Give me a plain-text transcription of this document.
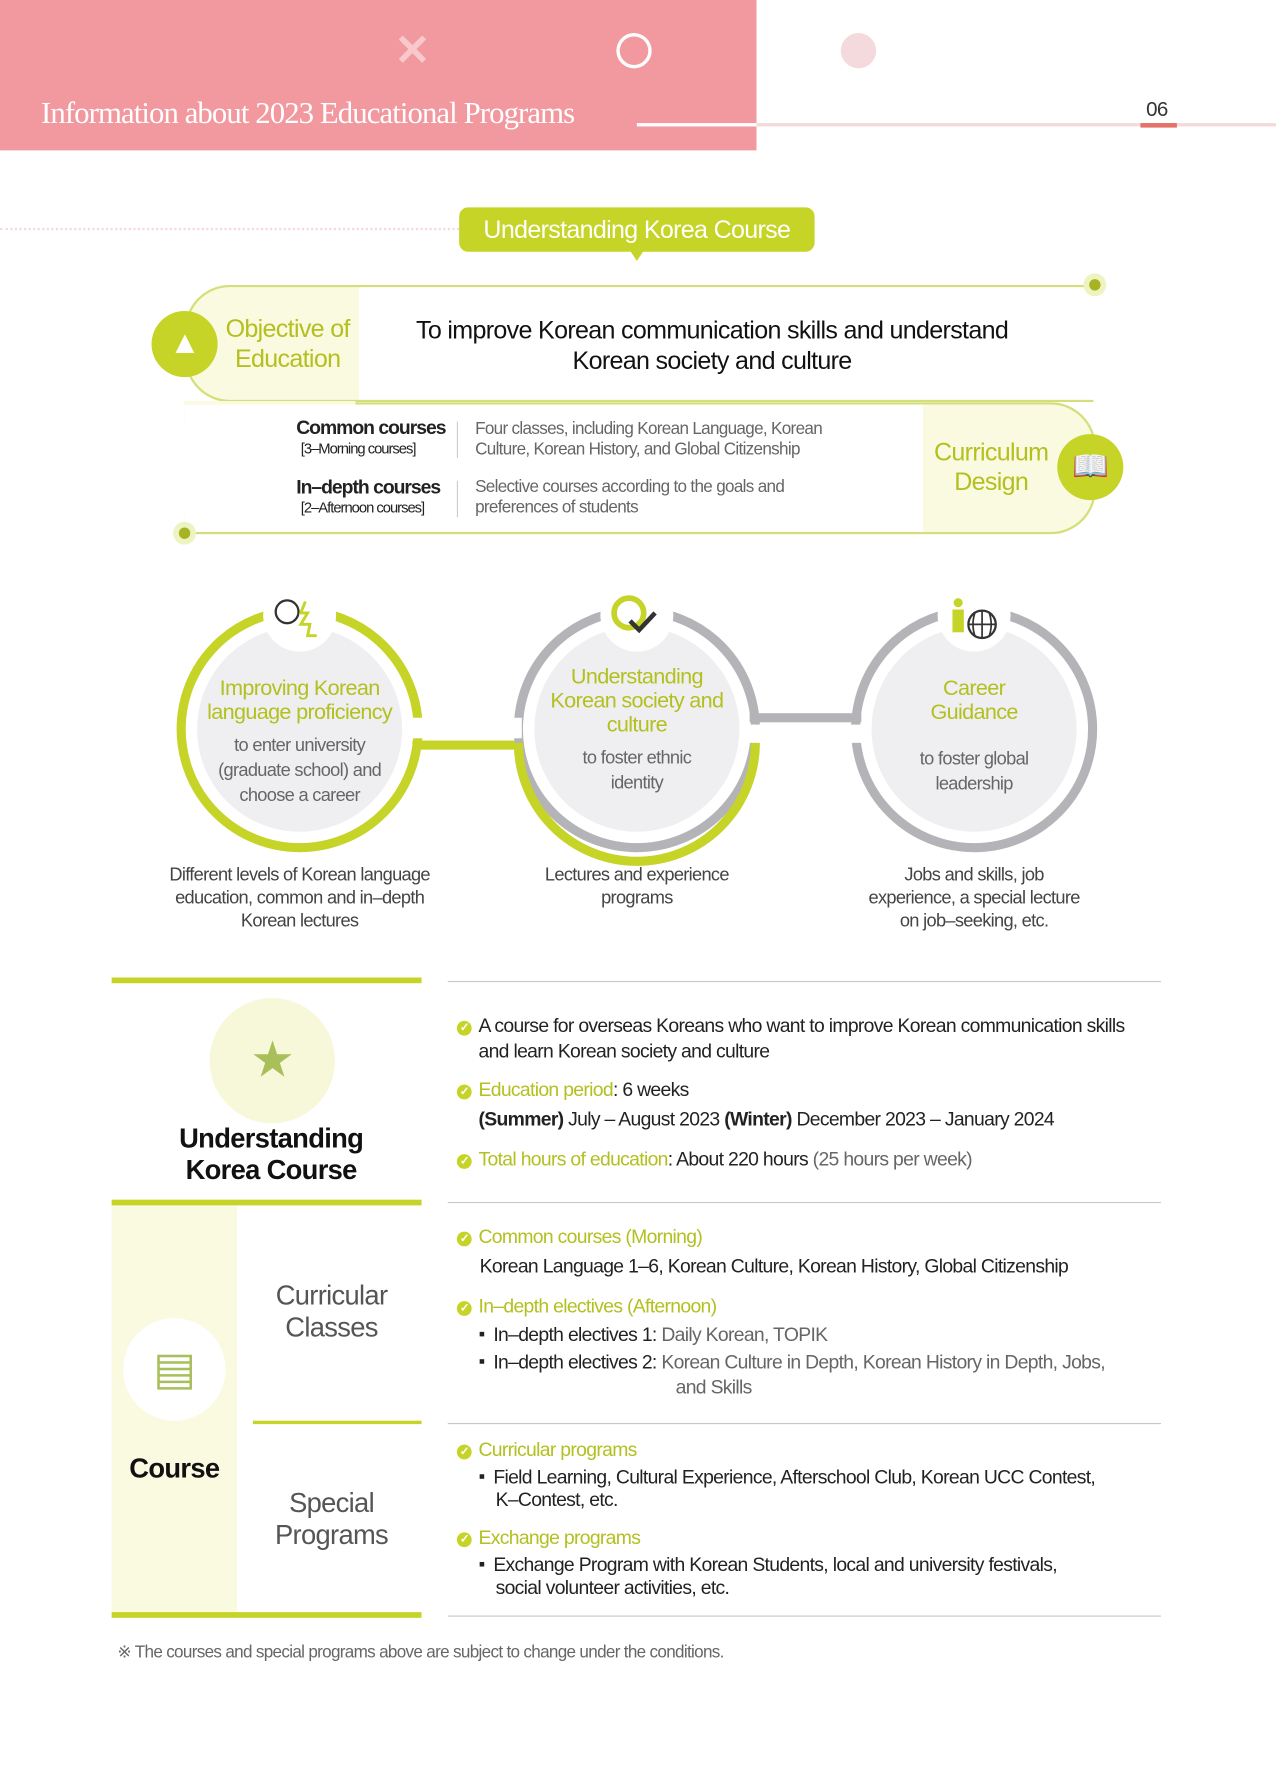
✕
Information about 2023 Educational Programs	06
Understanding Korea Course
▲	Objective of
Education
To improve Korean communication skills and understand
Korean society and culture
📖
Curriculum
Design
Common courses
[3–Morning courses]
Four classes, including Korean Language, Korean
Culture, Korean History, and Global Citizenship
In–depth courses
[2–Afternoon courses]
Selective courses according to the goals and
preferences of students
Improving Korean
language proficiency
to enter university
(graduate school) and
choose a career
Understanding
Korean society and
culture
to foster ethnic
identity
Career
Guidance
to foster global
leadership
Different levels of Korean language
education, common and in–depth
Korean lectures
Lectures and experience
programs
Jobs and skills, job
experience, a special lecture
on job–seeking, etc.
★
Understanding
Korea Course
✓ A course for overseas Koreans who want to improve Korean communication skills
and learn Korean society and culture
✓ Education period: 6 weeks
(Summer) July – August 2023 (Winter) December 2023 – January 2024
✓ Total hours of education: About 220 hours (25 hours per week)
▤
Course
Curricular
Classes
Special
Programs
✓ Common courses (Morning)
Korean Language 1–6, Korean Culture, Korean History, Global Citizenship
✓ In–depth electives (Afternoon)
In–depth electives 1: Daily Korean, TOPIK
In–depth electives 2: Korean Culture in Depth, Korean History in Depth, Jobs,
and Skills
✓ Curricular programs
Field Learning, Cultural Experience, Afterschool Club, Korean UCC Contest,
K–Contest, etc.
✓ Exchange programs
Exchange Program with Korean Students, local and university festivals,
social volunteer activities, etc.
※ The courses and special programs above are subject to change under the conditions.
